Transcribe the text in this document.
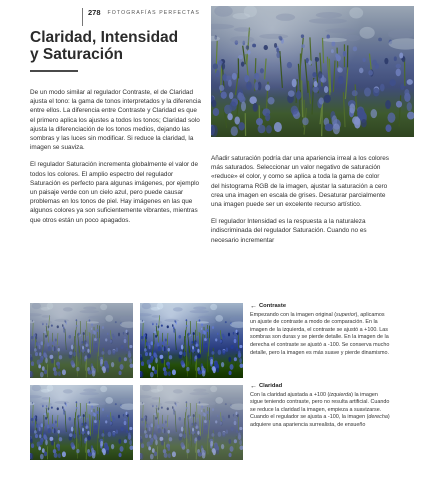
278 FOTOGRAFÍAS PERFECTAS
Claridad, Intensidad
y Saturación

De un modo similar al regulador Contraste, el de Claridad ajusta el tono: la gama de tonos interpretados y la diferencia entre ellos. La diferencia entre Contraste y Claridad es que el primero aplica los ajustes a todos los tonos; Claridad solo ajusta la diferenciación de los tonos medios, dejando las sombras y las luces sin modificar. Si reduce la claridad, la imagen se suaviza.

El regulador Saturación incrementa globalmente el valor de todos los colores. El amplio espectro del regulador Saturación es perfecto para algunas imágenes, por ejemplo un paisaje verde con un cielo azul, pero puede causar problemas en los tonos de piel. Hay imágenes en las que algunos colores ya son suficientemente vibrantes, mientras que otros están un poco apagados.

Añadir saturación podría dar una apariencia irreal a los colores más saturados. Seleccionar un valor negativo de saturación «reduce» el color, y como se aplica a toda la gama de color del histograma RGB de la imagen, ajustar la saturación a cero crea una imagen en escala de grises. Desaturar parcialmente una imagen puede ser un excelente recurso artístico.

El regulador Intensidad es la respuesta a la naturaleza indiscriminada del regulador Saturación. Cuando no es necesario incrementar

← Contraste
Empezando con la imagen original (superior), aplicamos un ajuste de contraste a modo de comparación. En la imagen de la izquierda, el contraste se ajustó a +100. Las sombras son duras y se pierde detalle. En la imagen de la derecha el contraste se ajustó a -100. Se conserva mucho detalle, pero la imagen es más suave y pierde dinamismo.
← Claridad
Con la claridad ajustada a +100 (izquierda) la imagen sigue teniendo contraste, pero no resulta artificial. Cuando se reduce la claridad la imagen, empieza a suavizarse. Cuando el regulador se ajusta a -100, la imagen (derecha) adquiere una apariencia surrealista, de ensueño
